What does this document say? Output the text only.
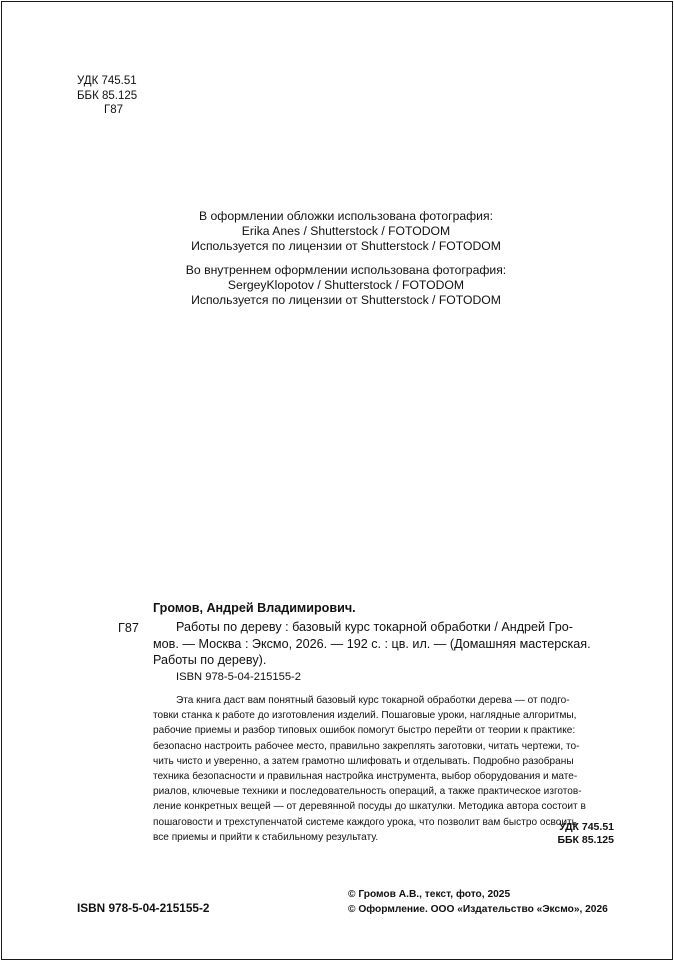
УДК 745.51
ББК 85.125
Г87
В оформлении обложки использована фотография:
Erika Anes / Shutterstock / FOTODOM
Используется по лицензии от Shutterstock / FOTODOM
Во внутреннем оформлении использована фотография:
SergeyKlopotov / Shutterstock / FOTODOM
Используется по лицензии от Shutterstock / FOTODOM
Громов, Андрей Владимирович.
Г87	Работы по дереву : базовый курс токарной обработки / Андрей Гро-
мов. — Москва : Эксмо, 2026. — 192 с. : цв. ил. — (Домашняя мастерская.
Работы по дереву).
ISBN 978-5-04-215155-2
Эта книга даст вам понятный базовый курс токарной обработки дерева — от подго-
товки станка к работе до изготовления изделий. Пошаговые уроки, наглядные алгоритмы,
рабочие приемы и разбор типовых ошибок помогут быстро перейти от теории к практике:
безопасно настроить рабочее место, правильно закреплять заготовки, читать чертежи, то-
чить чисто и уверенно, а затем грамотно шлифовать и отделывать. Подробно разобраны
техника безопасности и правильная настройка инструмента, выбор оборудования и мате-
риалов, ключевые техники и последовательность операций, а также практическое изготов-
ление конкретных вещей — от деревянной посуды до шкатулки. Методика автора состоит в
пошаговости и трехступенчатой системе каждого урока, что позволит вам быстро освоить
все приемы и прийти к стабильному результату.
УДК 745.51
ББК 85.125
ISBN 978-5-04-215155-2
© Громов А.В., текст, фото, 2025
© Оформление. ООО «Издательство «Эксмо», 2026
